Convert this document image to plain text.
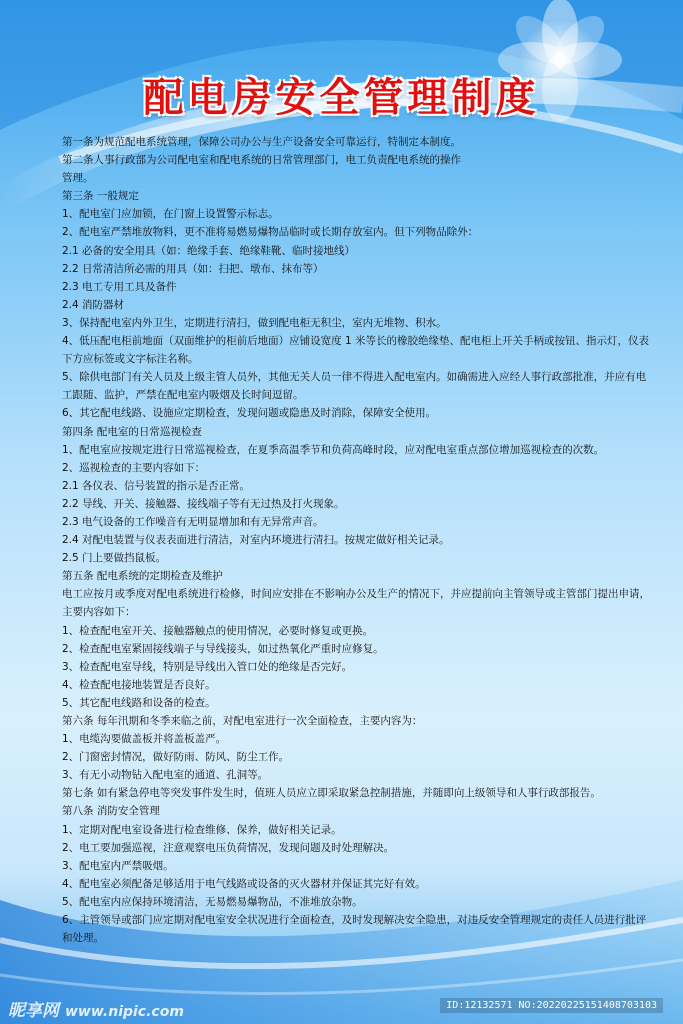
配电房安全管理制度

第一条为规范配电系统管理，保障公司办公与生产设备安全可靠运行，特制定本制度。

第二条人事行政部为公司配电室和配电系统的日常管理部门，电工负责配电系统的操作

管理。

第三条 一般规定

1、配电室门应加锁，在门窗上设置警示标志。

2、配电室严禁堆放物料，更不准将易燃易爆物品临时或长期存放室内。但下列物品除外：

2.1 必备的安全用具（如：绝缘手套、绝缘鞋靴、临时接地线）

2.2 日常清洁所必需的用具（如：扫把、墩布、抹布等）

2.3 电工专用工具及备件

2.4 消防器材

3、保持配电室内外卫生，定期进行清扫，做到配电柜无积尘，室内无堆物、积水。

4、低压配电柜前地面（双面维护的柜前后地面）应铺设宽度 1 米等长的橡胶绝缘垫、配电柜上开关手柄或按钮、指示灯，仪表下方应标签或文字标注名称。

5、除供电部门有关人员及上级主管人员外，其他无关人员一律不得进入配电室内。如确需进入应经人事行政部批准，并应有电工跟随、监护，严禁在配电室内吸烟及长时间逗留。

6、其它配电线路、设施应定期检查，发现问题或隐患及时消除，保障安全使用。

第四条 配电室的日常巡视检查

1、配电室应按规定进行日常巡视检查，在夏季高温季节和负荷高峰时段，应对配电室重点部位增加巡视检查的次数。

2、巡视检查的主要内容如下：

2.1 各仪表、信号装置的指示是否正常。

2.2 导线、开关、接触器、接线端子等有无过热及打火现象。

2.3 电气设备的工作噪音有无明显增加和有无异常声音。

2.4 对配电装置与仪表表面进行清洁，对室内环境进行清扫。按规定做好相关记录。

2.5 门上要做挡鼠板。

第五条 配电系统的定期检查及维护

电工应按月或季度对配电系统进行检修，时间应安排在不影响办公及生产的情况下，并应提前向主管领导或主管部门提出申请，主要内容如下：

1、检查配电室开关、接触器触点的使用情况，必要时修复或更换。

2、检查配电室紧固接线端子与导线接头，如过热氧化严重时应修复。

3、检查配电室导线，特别是导线出入管口处的绝缘是否完好。

4、检查配电接地装置是否良好。

5、其它配电线路和设备的检查。

第六条 每年汛期和冬季来临之前，对配电室进行一次全面检查，主要内容为：

1、电缆沟要做盖板并将盖板盖严。

2、门窗密封情况，做好防雨、防风、防尘工作。

3、有无小动物钻入配电室的通道、孔洞等。

第七条 如有紧急停电等突发事件发生时，值班人员应立即采取紧急控制措施，并随即向上级领导和人事行政部报告。

第八条 消防安全管理

1、定期对配电室设备进行检查维修、保养，做好相关记录。

2、电工要加强巡视，注意观察电压负荷情况，发现问题及时处理解决。

3、配电室内严禁吸烟。

4、配电室必须配备足够适用于电气线路或设备的灭火器材并保证其完好有效。

5、配电室内应保持环境清洁，无易燃易爆物品，不准堆放杂物。

6、主管领导或部门应定期对配电室安全状况进行全面检查，及时发现解决安全隐患，对违反安全管理规定的责任人员进行批评和处理。

昵享网 www.nipic.com	ID:12132571 NO:20220225151408703103
